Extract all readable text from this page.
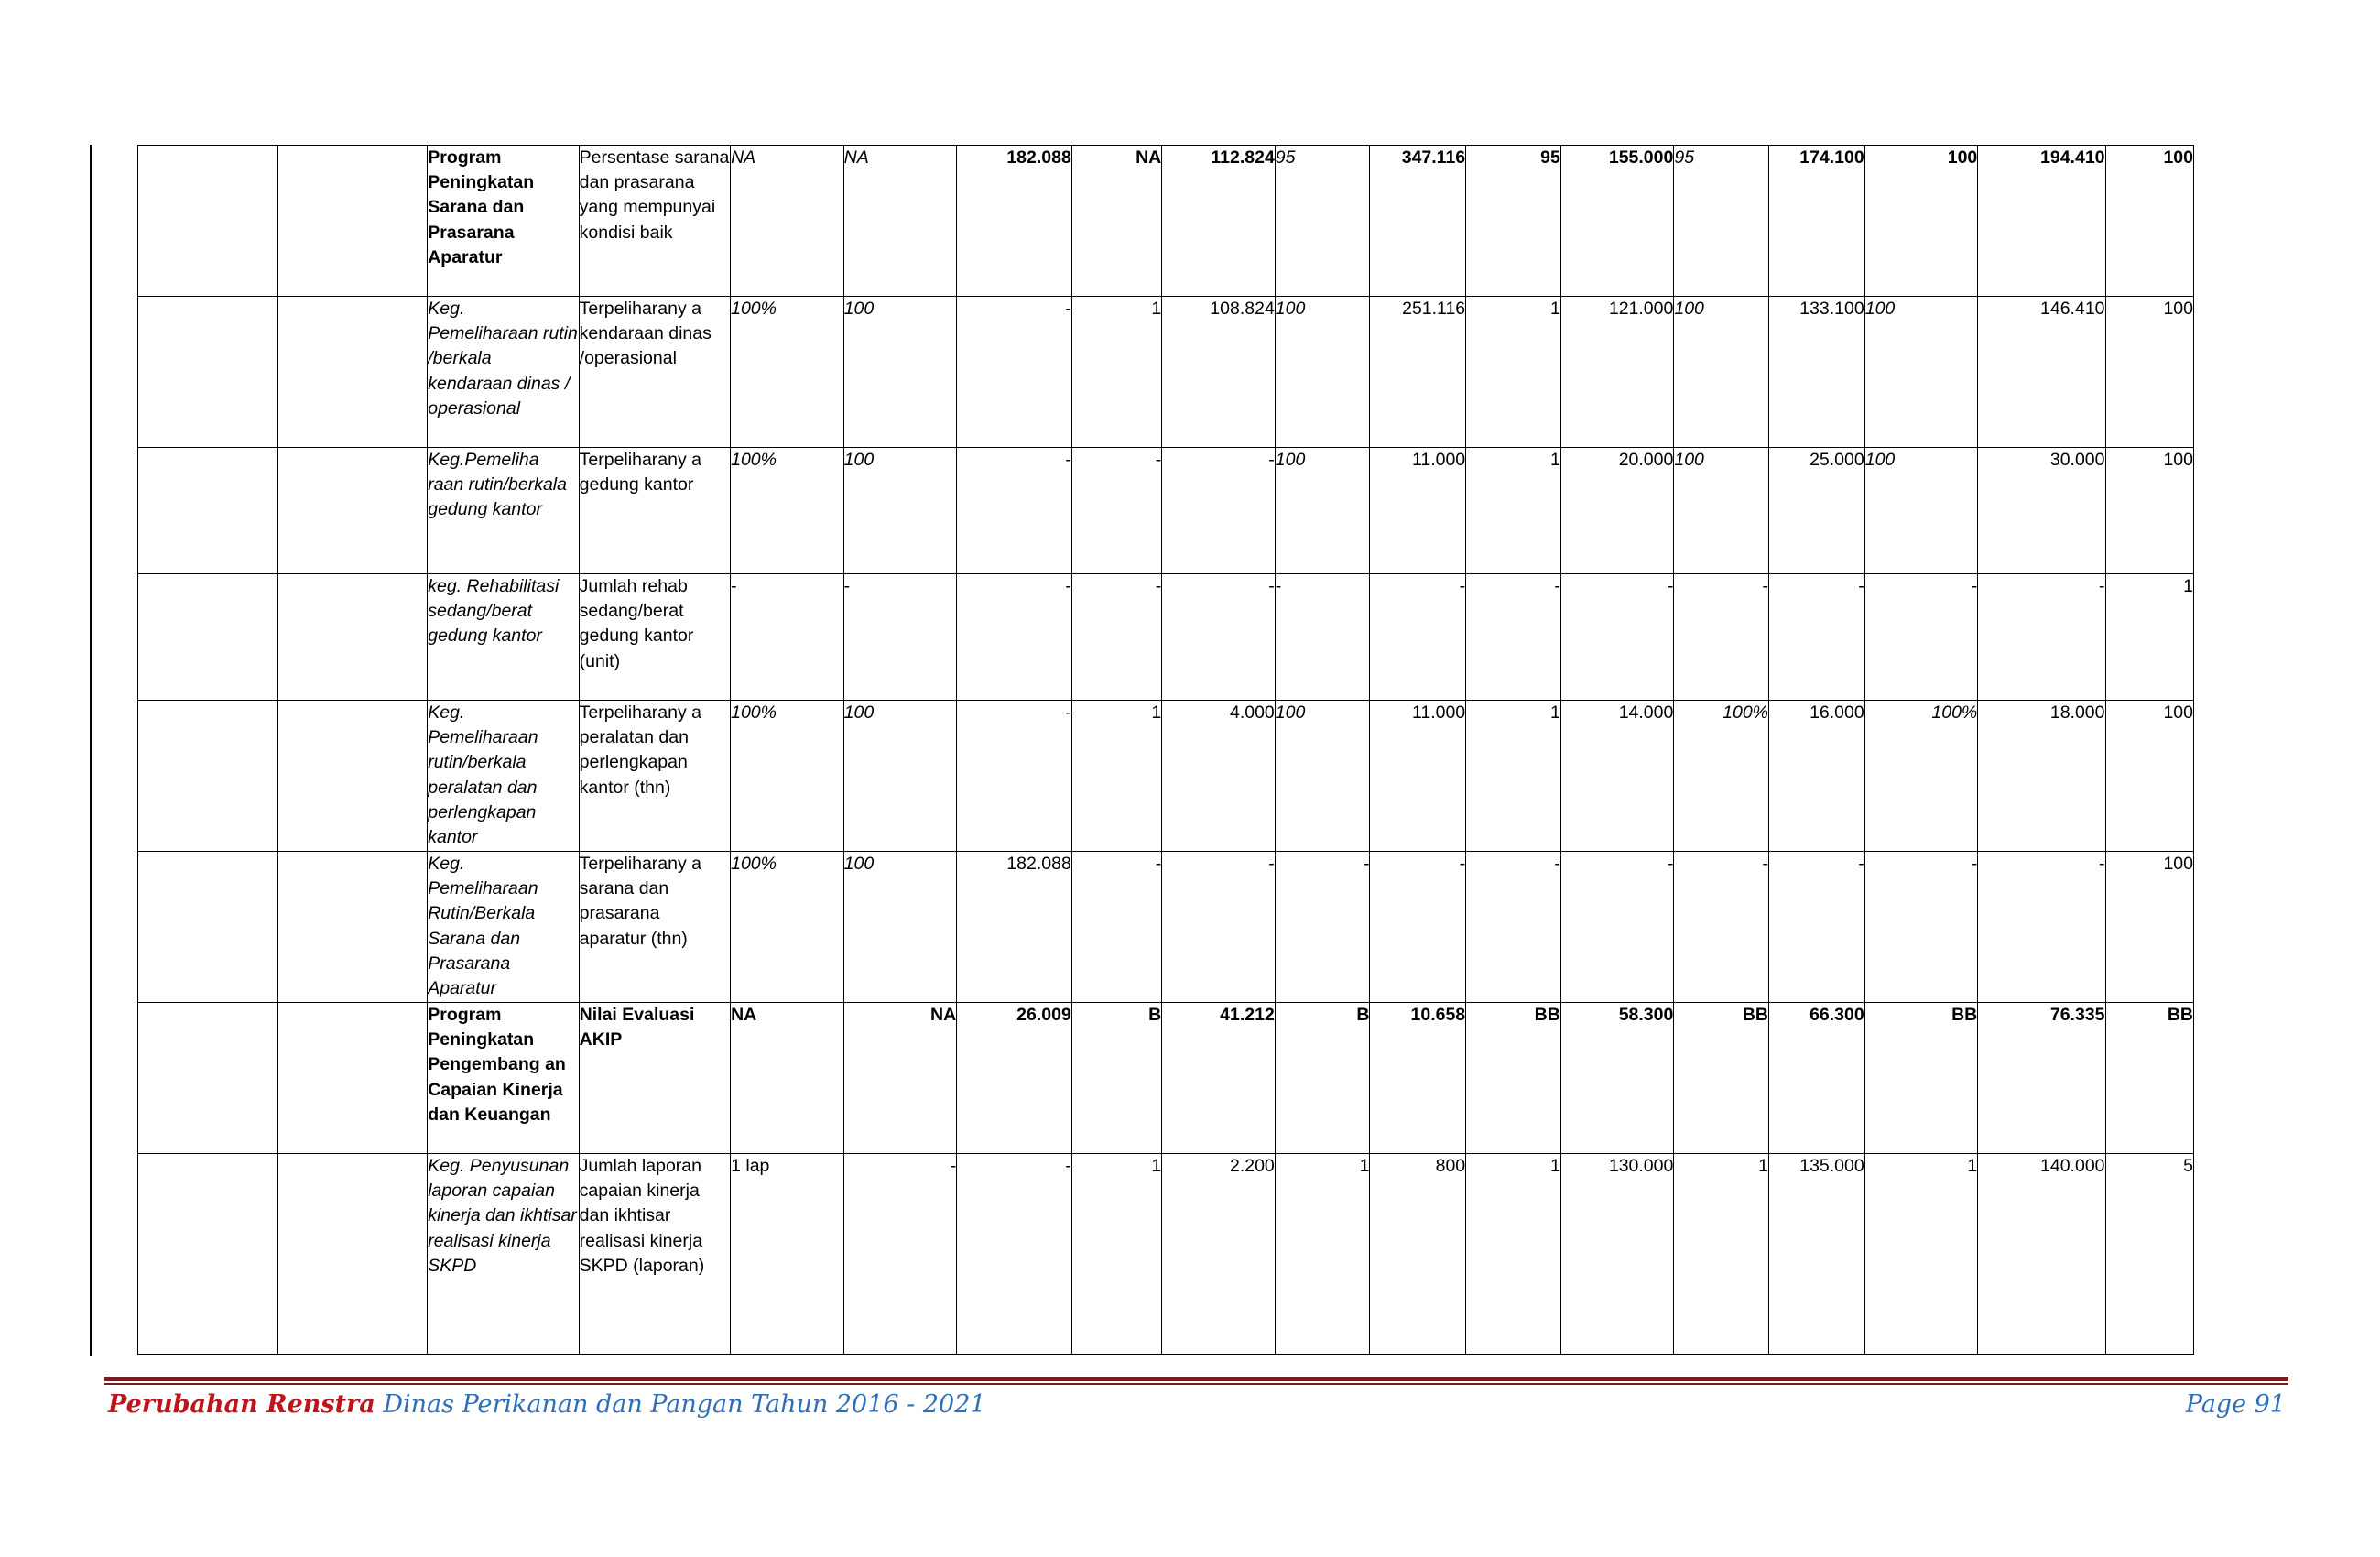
		Program Peningkatan Sarana dan Prasarana Aparatur	Persentase sarana dan prasarana yang mempunyai kondisi baik	NA	NA	182.088	NA	112.824	95	347.116	95	155.000	95	174.100	100	194.410	100
		Keg. Pemeliharaan rutin /berkala kendaraan dinas / operasional	Terpeliharany a kendaraan dinas /operasional	100%	100	-	1	108.824	100	251.116	1	121.000	100	133.100	100	146.410	100
		Keg.Pemeliha raan rutin/berkala gedung kantor	Terpeliharany a gedung kantor	100%	100	-	-	-	100	11.000	1	20.000	100	25.000	100	30.000	100
		keg. Rehabilitasi sedang/berat gedung kantor	Jumlah rehab sedang/berat gedung kantor (unit)	-	-	-	-	-	-	-	-	-	-	-	-	-	1
		Keg. Pemeliharaan rutin/berkala peralatan dan perlengkapan kantor	Terpeliharany a peralatan dan perlengkapan kantor (thn)	100%	100	-	1	4.000	100	11.000	1	14.000	100%	16.000	100%	18.000	100
		Keg. Pemeliharaan Rutin/Berkala Sarana dan Prasarana Aparatur	Terpeliharany a sarana dan prasarana aparatur (thn)	100%	100	182.088	-	-	-	-	-	-	-	-	-	-	100
		Program Peningkatan Pengembang an Capaian Kinerja dan Keuangan	Nilai Evaluasi AKIP	NA	NA	26.009	B	41.212	B	10.658	BB	58.300	BB	66.300	BB	76.335	BB
		Keg. Penyusunan laporan capaian kinerja dan ikhtisar realisasi kinerja SKPD	Jumlah laporan capaian kinerja dan ikhtisar realisasi kinerja SKPD (laporan)	1 lap	-	-	1	2.200	1	800	1	130.000	1	135.000	1	140.000	5
Perubahan Renstra Dinas Perikanan dan Pangan Tahun 2016 - 2021	Page 91
